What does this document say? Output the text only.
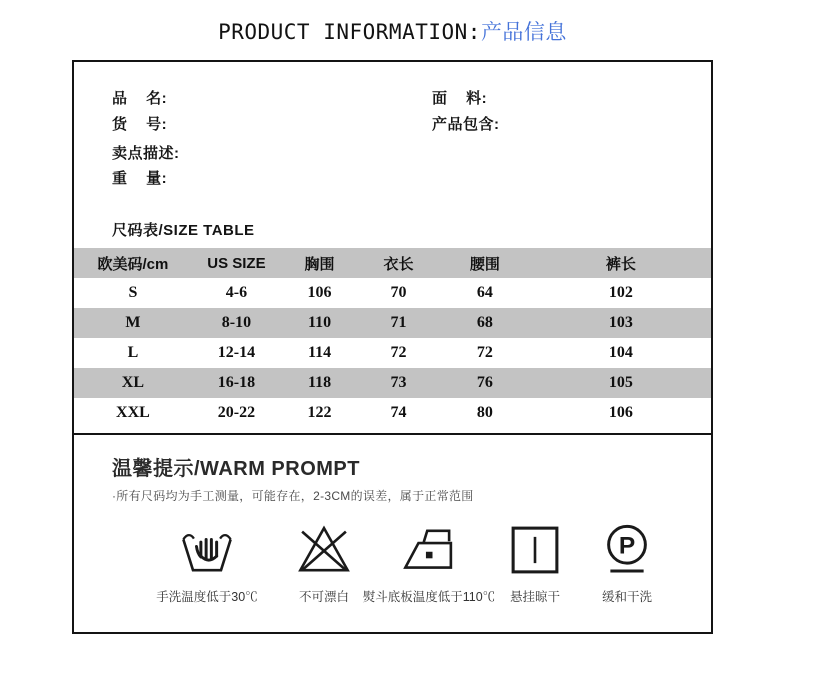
PRODUCT INFORMATION:产品信息
品    名:
货    号:
卖点描述:
重    量:
面    料:
产品包含:
尺码表/SIZE TABLE
欧美码/cm	US SIZE	胸围	衣长	腰围	裤长
S	4-6	106	70	64	102
M	8-10	110	71	68	103
L	12-14	114	72	72	104
XL	16-18	118	73	76	105
XXL	20-22	122	74	80	106
温馨提示/WARM PROMPT
·所有尺码均为手工测量，可能存在，2-3CM的误差，属于正常范围
手洗温度低于30℃	不可漂白 熨斗底板温度低于110℃ 悬挂晾干
P
缓和干洗
